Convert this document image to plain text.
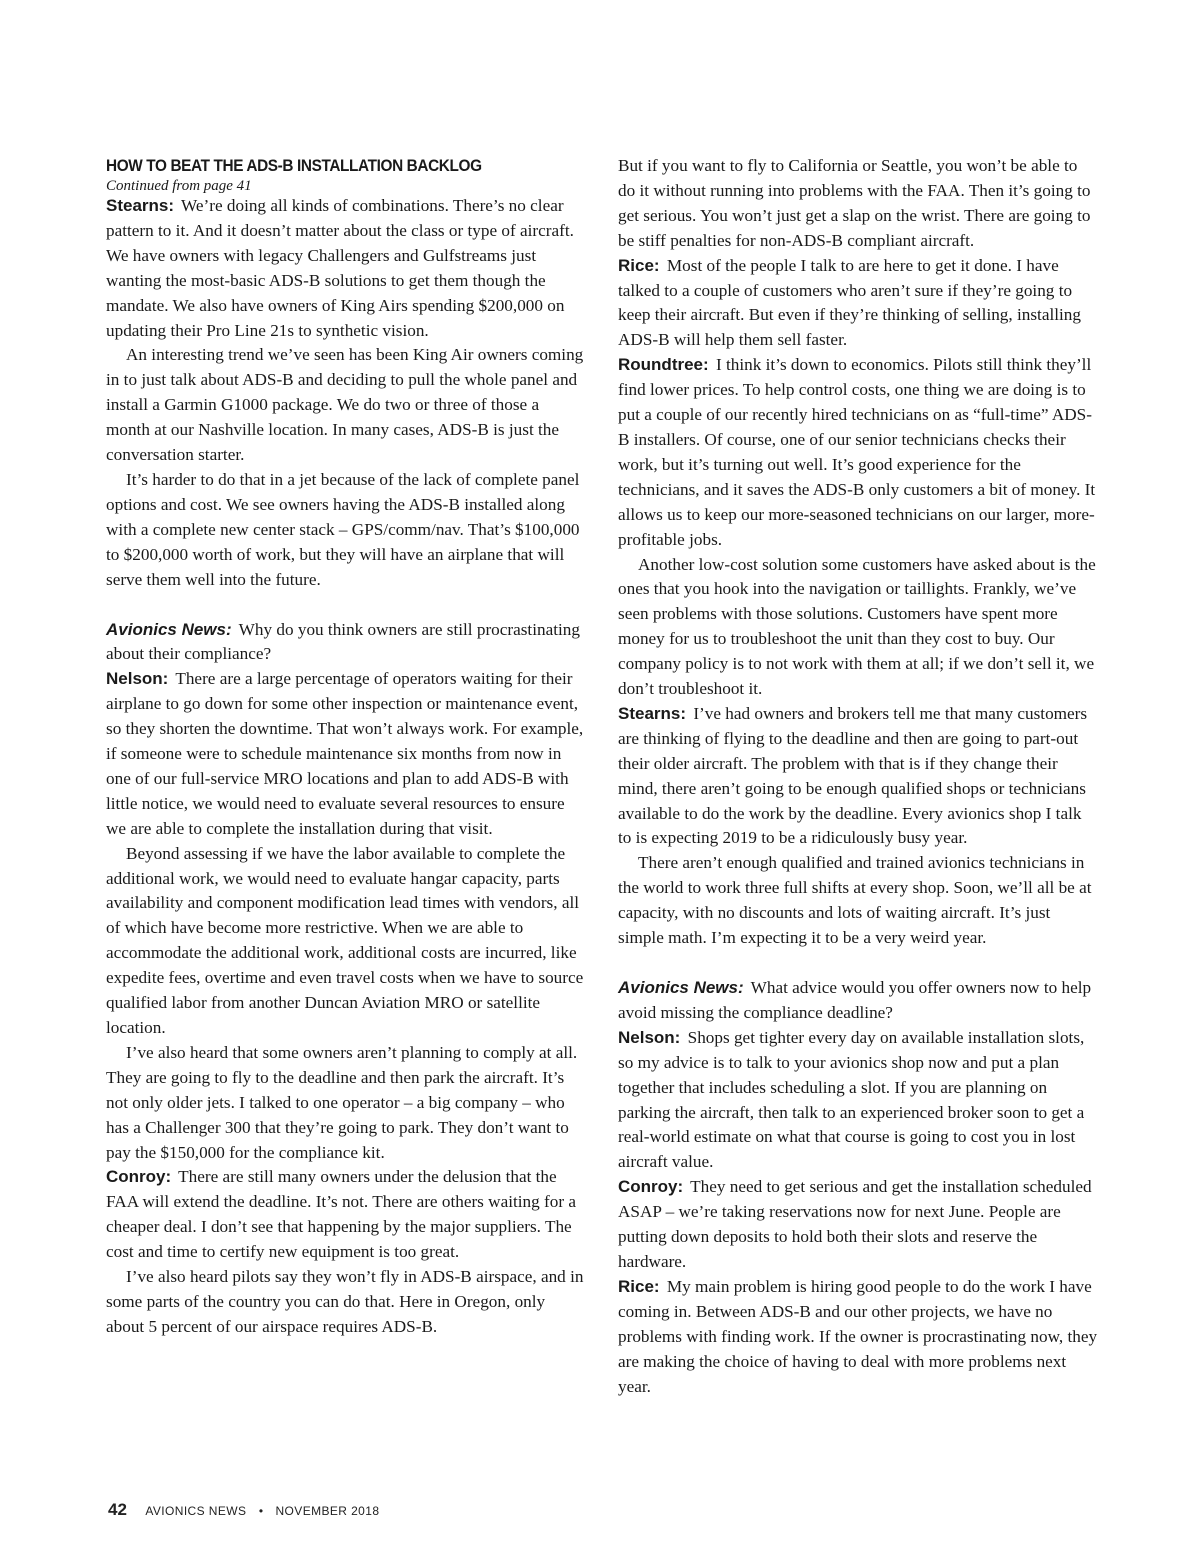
HOW TO BEAT THE ADS-B INSTALLATION BACKLOG

Continued from page 41

Stearns: We’re doing all kinds of combinations. There’s no clear pattern to it. And it doesn’t matter about the class or type of aircraft. We have owners with legacy Challengers and Gulfstreams just wanting the most-basic ADS-B solutions to get them though the mandate. We also have owners of King Airs spending $200,000 on updating their Pro Line 21s to synthetic vision.

An interesting trend we’ve seen has been King Air owners coming in to just talk about ADS-B and deciding to pull the whole panel and install a Garmin G1000 package. We do two or three of those a month at our Nashville location. In many cases, ADS-B is just the conversation starter.

It’s harder to do that in a jet because of the lack of complete panel options and cost. We see owners having the ADS-B installed along with a complete new center stack – GPS/comm/nav. That’s $100,000 to $200,000 worth of work, but they will have an airplane that will serve them well into the future.

Avionics News: Why do you think owners are still procrastinating about their compliance?

Nelson: There are a large percentage of operators waiting for their airplane to go down for some other inspection or maintenance event, so they shorten the downtime. That won’t always work. For example, if someone were to schedule maintenance six months from now in one of our full-service MRO locations and plan to add ADS-B with little notice, we would need to evaluate several resources to ensure we are able to complete the installation during that visit.

Beyond assessing if we have the labor available to complete the additional work, we would need to evaluate hangar capacity, parts availability and component modification lead times with vendors, all of which have become more restrictive. When we are able to accommodate the additional work, additional costs are incurred, like expedite fees, overtime and even travel costs when we have to source qualified labor from another Duncan Aviation MRO or satellite location.

I’ve also heard that some owners aren’t planning to comply at all. They are going to fly to the deadline and then park the aircraft. It’s not only older jets. I talked to one operator – a big company – who has a Challenger 300 that they’re going to park. They don’t want to pay the $150,000 for the compliance kit.

Conroy: There are still many owners under the delusion that the FAA will extend the deadline. It’s not. There are others waiting for a cheaper deal. I don’t see that happening by the major suppliers. The cost and time to certify new equipment is too great.

I’ve also heard pilots say they won’t fly in ADS-B airspace, and in some parts of the country you can do that. Here in Oregon, only about 5 percent of our airspace requires ADS-B.

But if you want to fly to California or Seattle, you won’t be able to do it without running into problems with the FAA. Then it’s going to get serious. You won’t just get a slap on the wrist. There are going to be stiff penalties for non-ADS-B compliant aircraft.

Rice: Most of the people I talk to are here to get it done. I have talked to a couple of customers who aren’t sure if they’re going to keep their aircraft. But even if they’re thinking of selling, installing ADS-B will help them sell faster.

Roundtree: I think it’s down to economics. Pilots still think they’ll find lower prices. To help control costs, one thing we are doing is to put a couple of our recently hired technicians on as “full-time” ADS-B installers. Of course, one of our senior technicians checks their work, but it’s turning out well. It’s good experience for the technicians, and it saves the ADS-B only customers a bit of money. It allows us to keep our more-seasoned technicians on our larger, more-profitable jobs.

Another low-cost solution some customers have asked about is the ones that you hook into the navigation or taillights. Frankly, we’ve seen problems with those solutions. Customers have spent more money for us to troubleshoot the unit than they cost to buy. Our company policy is to not work with them at all; if we don’t sell it, we don’t troubleshoot it.

Stearns: I’ve had owners and brokers tell me that many customers are thinking of flying to the deadline and then are going to part-out their older aircraft. The problem with that is if they change their mind, there aren’t going to be enough qualified shops or technicians available to do the work by the deadline. Every avionics shop I talk to is expecting 2019 to be a ridiculously busy year.

There aren’t enough qualified and trained avionics technicians in the world to work three full shifts at every shop. Soon, we’ll all be at capacity, with no discounts and lots of waiting aircraft. It’s just simple math. I’m expecting it to be a very weird year.

Avionics News: What advice would you offer owners now to help avoid missing the compliance deadline?

Nelson: Shops get tighter every day on available installation slots, so my advice is to talk to your avionics shop now and put a plan together that includes scheduling a slot. If you are planning on parking the aircraft, then talk to an experienced broker soon to get a real-world estimate on what that course is going to cost you in lost aircraft value.

Conroy: They need to get serious and get the installation scheduled ASAP – we’re taking reservations now for next June. People are putting down deposits to hold both their slots and reserve the hardware.

Rice: My main problem is hiring good people to do the work I have coming in. Between ADS-B and our other projects, we have no problems with finding work. If the owner is procrastinating now, they are making the choice of having to deal with more problems next year.

42 AVIONICS NEWS • NOVEMBER 2018
